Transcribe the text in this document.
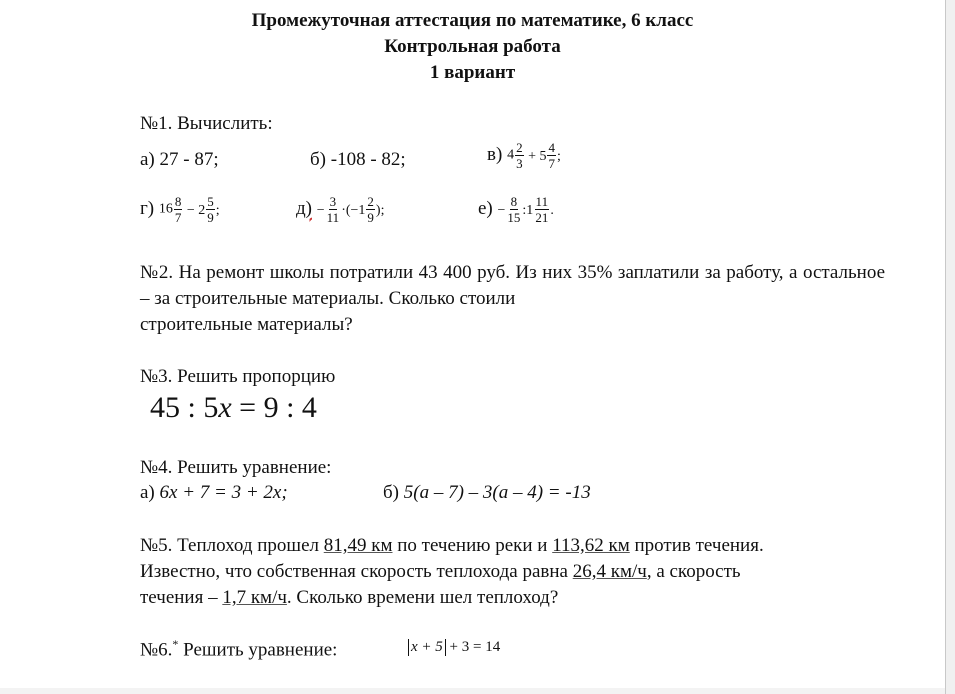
Промежуточная аттестация по математике, 6 класс
Контрольная работа
1 вариант
№1. Вычислить:
а) 27 - 87;	б) -108 - 82;	в) $4 \frac{2}{3} + 5 \frac{4}{7}$ ;
г) $16 \frac{8}{7} - 2 \frac{5}{9}$ ;	$д) - \frac{3}{11} \cdot(-1 \frac{2}{9}$ );	$е) - \frac{8}{15}$ :1 $\frac{11}{21}$ .
№2. На ремонт школы потратили 43 400 руб. Из них 35% заплатили за работу, а остальное – за строительные материалы. Сколько стоили
строительные материалы?
№3. Решить пропорцию
45 : 5x = 9 : 4
№4. Решить уравнение:
а) 6x + 7 = 3 + 2x;	б) 5(a – 7) – 3(a – 4) = -13
№5. Теплоход прошел 81,49 км по течению реки и 113,62 км против течения.
Известно, что собственная скорость теплохода равна 26,4 км/ч, а скорость
течения – 1,7 км/ч. Сколько времени шел теплоход?
№6.* Решить уравнение:	x + 5 + 3 = 14
